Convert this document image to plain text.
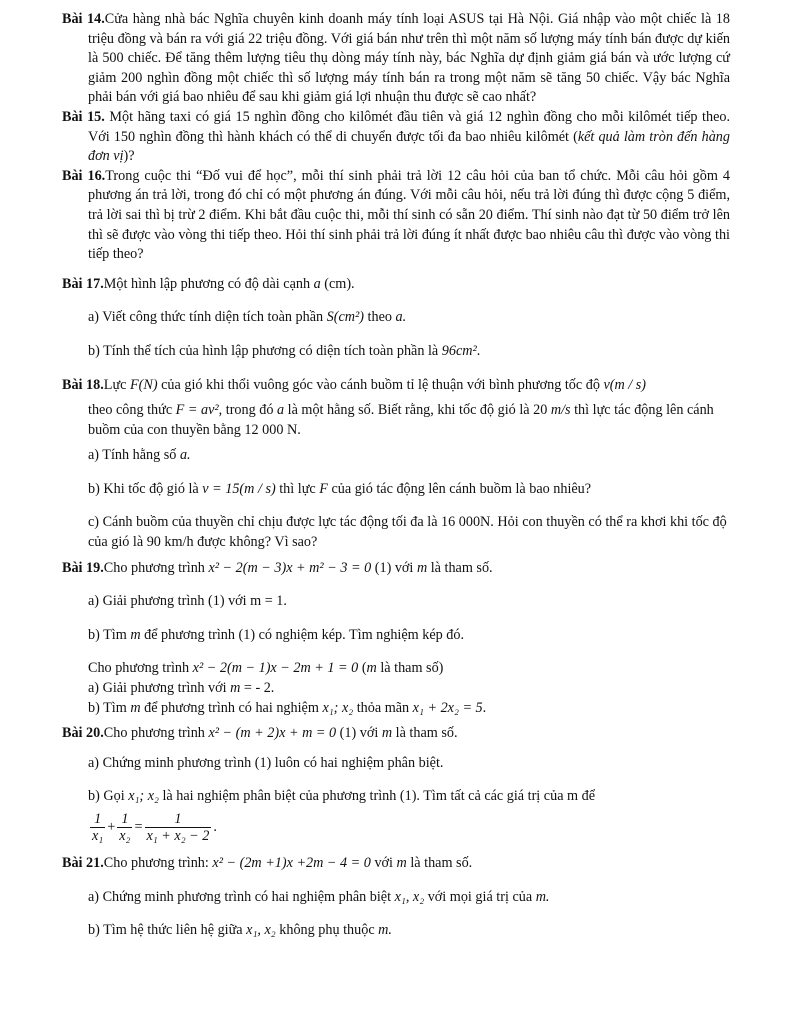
Bài 14.Cửa hàng nhà bác Nghĩa chuyên kinh doanh máy tính loại ASUS tại Hà Nội. Giá nhập vào một chiếc là 18 triệu đồng và bán ra với giá 22 triệu đồng. Với giá bán như trên thì một năm số lượng máy tính bán được dự kiến là 500 chiếc. Để tăng thêm lượng tiêu thụ dòng máy tính này, bác Nghĩa dự định giảm giá bán và ước lượng cứ giảm 200 nghìn đồng một chiếc thì số lượng máy tính bán ra trong một năm sẽ tăng 50 chiếc. Vậy bác Nghĩa phải bán với giá bao nhiêu để sau khi giảm giá lợi nhuận thu được sẽ cao nhất?

Bài 15. Một hãng taxi có giá 15 nghìn đồng cho kilômét đầu tiên và giá 12 nghìn đồng cho mỗi kilômét tiếp theo. Với 150 nghìn đồng thì hành khách có thể di chuyển được tối đa bao nhiêu kilômét (kết quả làm tròn đến hàng đơn vị)?

Bài 16.Trong cuộc thi “Đố vui để học”, mỗi thí sinh phải trả lời 12 câu hỏi của ban tổ chức. Mỗi câu hỏi gồm 4 phương án trả lời, trong đó chỉ có một phương án đúng. Với mỗi câu hỏi, nếu trả lời đúng thì được cộng 5 điểm, trả lời sai thì bị trừ 2 điểm. Khi bắt đầu cuộc thi, mỗi thí sinh có sẵn 20 điểm. Thí sinh nào đạt từ 50 điểm trở lên thì sẽ được vào vòng thi tiếp theo. Hỏi thí sinh phải trả lời đúng ít nhất được bao nhiêu câu thì được vào vòng thi tiếp theo?

Bài 17.Một hình lập phương có độ dài cạnh a (cm).

a) Viết công thức tính diện tích toàn phần S(cm²) theo a.

b) Tính thể tích của hình lập phương có diện tích toàn phần là 96cm².

Bài 18.Lực F(N) của gió khi thổi vuông góc vào cánh buồm tỉ lệ thuận với bình phương tốc độ v(m / s)

theo công thức F = av², trong đó a là một hằng số. Biết rằng, khi tốc độ gió là 20 m/s thì lực tác động lên cánh buồm của con thuyền bằng 12 000 N.

a) Tính hằng số a.

b) Khi tốc độ gió là v = 15(m / s) thì lực F của gió tác động lên cánh buồm là bao nhiêu?

c) Cánh buồm của thuyền chỉ chịu được lực tác động tối đa là 16 000N. Hỏi con thuyền có thể ra khơi khi tốc độ của gió là 90 km/h được không? Vì sao?

Bài 19.Cho phương trình x² − 2(m − 3)x + m² − 3 = 0 (1) với m là tham số.

a) Giải phương trình (1) với m = 1.

b) Tìm m để phương trình (1) có nghiệm kép. Tìm nghiệm kép đó.

Cho phương trình x² − 2(m − 1)x − 2m + 1 = 0 (m là tham số)

a) Giải phương trình với m = - 2.

b) Tìm m để phương trình có hai nghiệm x₁; x₂ thỏa mãn x₁ + 2x₂ = 5.

Bài 20.Cho phương trình x² − (m + 2)x + m = 0 (1) với m là tham số.

a) Chứng minh phương trình (1) luôn có hai nghiệm phân biệt.

b) Gọi x₁; x₂ là hai nghiệm phân biệt của phương trình (1). Tìm tất cả các giá trị của m để

$\frac{1}{\text{x₁}} + \frac{1}{\text{x₂}} = \frac{1}{\text{x₁ + x₂ − 2}}$ .

Bài 21.Cho phương trình: x² − (2m +1)x +2m − 4 = 0 với m là tham số.

a) Chứng minh phương trình có hai nghiệm phân biệt x₁, x₂ với mọi giá trị của m.

b) Tìm hệ thức liên hệ giữa x₁, x₂ không phụ thuộc m.
